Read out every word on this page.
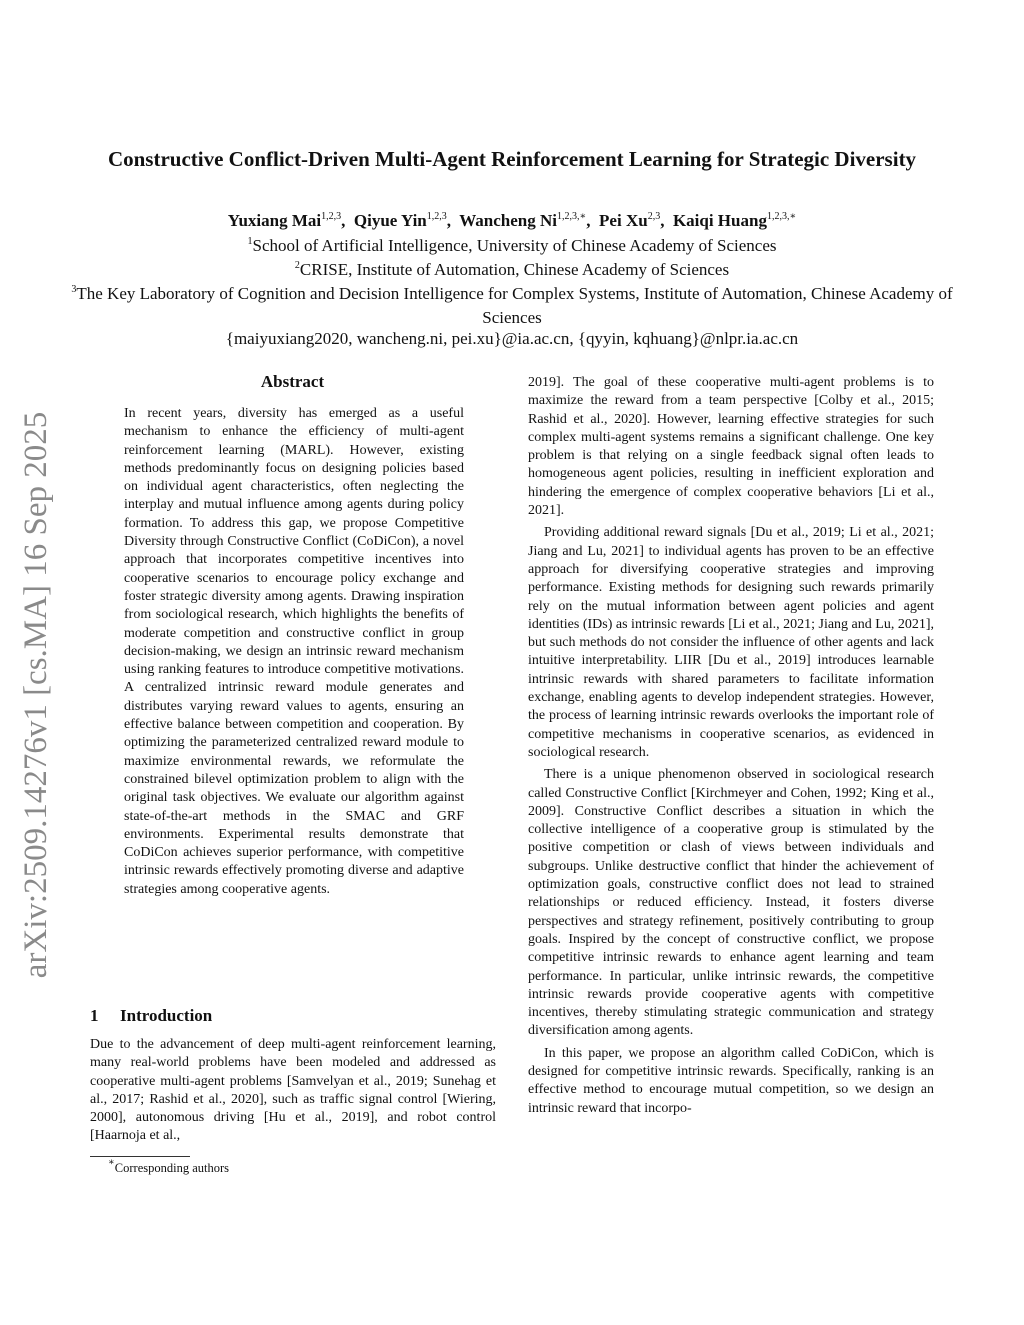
Constructive Conflict-Driven Multi-Agent Reinforcement Learning for Strategic Diversity
Yuxiang Mai$^{1,2,3}$,  Qiyue Yin$^{1,2,3}$,  Wancheng $Ni^{1,2,3,∗}$,  Pei Xu$^{2,3}$,  Kaiqi Huang$^{1,2,3,∗}$
$^1$School of Artificial Intelligence, University of Chinese Academy of Sciences
$^2$CRISE, Institute of Automation, Chinese Academy of Sciences
$^3$The Key Laboratory of Cognition and Decision Intelligence for Complex Systems, Institute of Automation, Chinese Academy of Sciences
{maiyuxiang2020, wancheng.ni, pei.xu}@ia.ac.cn, {qyyin, kqhuang}@nlpr.ia.ac.cn
arXiv:2509.14276v1 [cs.MA] 16 Sep 2025
Abstract

In recent years, diversity has emerged as a useful mechanism to enhance the efficiency of multi-agent reinforcement learning (MARL). However, existing methods predominantly focus on designing policies based on individual agent characteristics, often neglecting the interplay and mutual influence among agents during policy formation. To address this gap, we propose Competitive Diversity through Constructive Conflict (CoDiCon), a novel approach that incorporates competitive incentives into cooperative scenarios to encourage policy exchange and foster strategic diversity among agents. Drawing inspiration from sociological research, which highlights the benefits of moderate competition and constructive conflict in group decision-making, we design an intrinsic reward mechanism using ranking features to introduce competitive motivations. A centralized intrinsic reward module generates and distributes varying reward values to agents, ensuring an effective balance between competition and cooperation. By optimizing the parameterized centralized reward module to maximize environmental rewards, we reformulate the constrained bilevel optimization problem to align with the original task objectives. We evaluate our algorithm against state-of-the-art methods in the SMAC and GRF environments. Experimental results demonstrate that CoDiCon achieves superior performance, with competitive intrinsic rewards effectively promoting diverse and adaptive strategies among cooperative agents.

1 Introduction

Due to the advancement of deep multi-agent reinforcement learning, many real-world problems have been modeled and addressed as cooperative multi-agent problems [Samvelyan et al., 2019; Sunehag et al., 2017; Rashid et al., 2020], such as traffic signal control [Wiering, 2000], autonomous driving [Hu et al., 2019], and robot control [Haarnoja et al.,

2019]. The goal of these cooperative multi-agent problems is to maximize the reward from a team perspective [Colby et al., 2015; Rashid et al., 2020]. However, learning effective strategies for such complex multi-agent systems remains a significant challenge. One key problem is that relying on a single feedback signal often leads to homogeneous agent policies, resulting in inefficient exploration and hindering the emergence of complex cooperative behaviors [Li et al., 2021].

Providing additional reward signals [Du et al., 2019; Li et al., 2021; Jiang and Lu, 2021] to individual agents has proven to be an effective approach for diversifying cooperative strategies and improving performance. Existing methods for designing such rewards primarily rely on the mutual information between agent policies and agent identities (IDs) as intrinsic rewards [Li et al., 2021; Jiang and Lu, 2021], but such methods do not consider the influence of other agents and lack intuitive interpretability. LIIR [Du et al., 2019] introduces learnable intrinsic rewards with shared parameters to facilitate information exchange, enabling agents to develop independent strategies. However, the process of learning intrinsic rewards overlooks the important role of competitive mechanisms in cooperative scenarios, as evidenced in sociological research.

There is a unique phenomenon observed in sociological research called Constructive Conflict [Kirchmeyer and Cohen, 1992; King et al., 2009]. Constructive Conflict describes a situation in which the collective intelligence of a cooperative group is stimulated by the positive competition or clash of views between individuals and subgroups. Unlike destructive conflict that hinder the achievement of optimization goals, constructive conflict does not lead to strained relationships or reduced efficiency. Instead, it fosters diverse perspectives and strategy refinement, positively contributing to group goals. Inspired by the concept of constructive conflict, we propose competitive intrinsic rewards to enhance agent learning and team performance. In particular, unlike intrinsic rewards, the competitive intrinsic rewards provide cooperative agents with competitive incentives, thereby stimulating strategic communication and strategy diversification among agents.

In this paper, we propose an algorithm called CoDiCon, which is designed for competitive intrinsic rewards. Specifically, ranking is an effective method to encourage mutual competition, so we design an intrinsic reward that incorpo-

∗Corresponding authors
